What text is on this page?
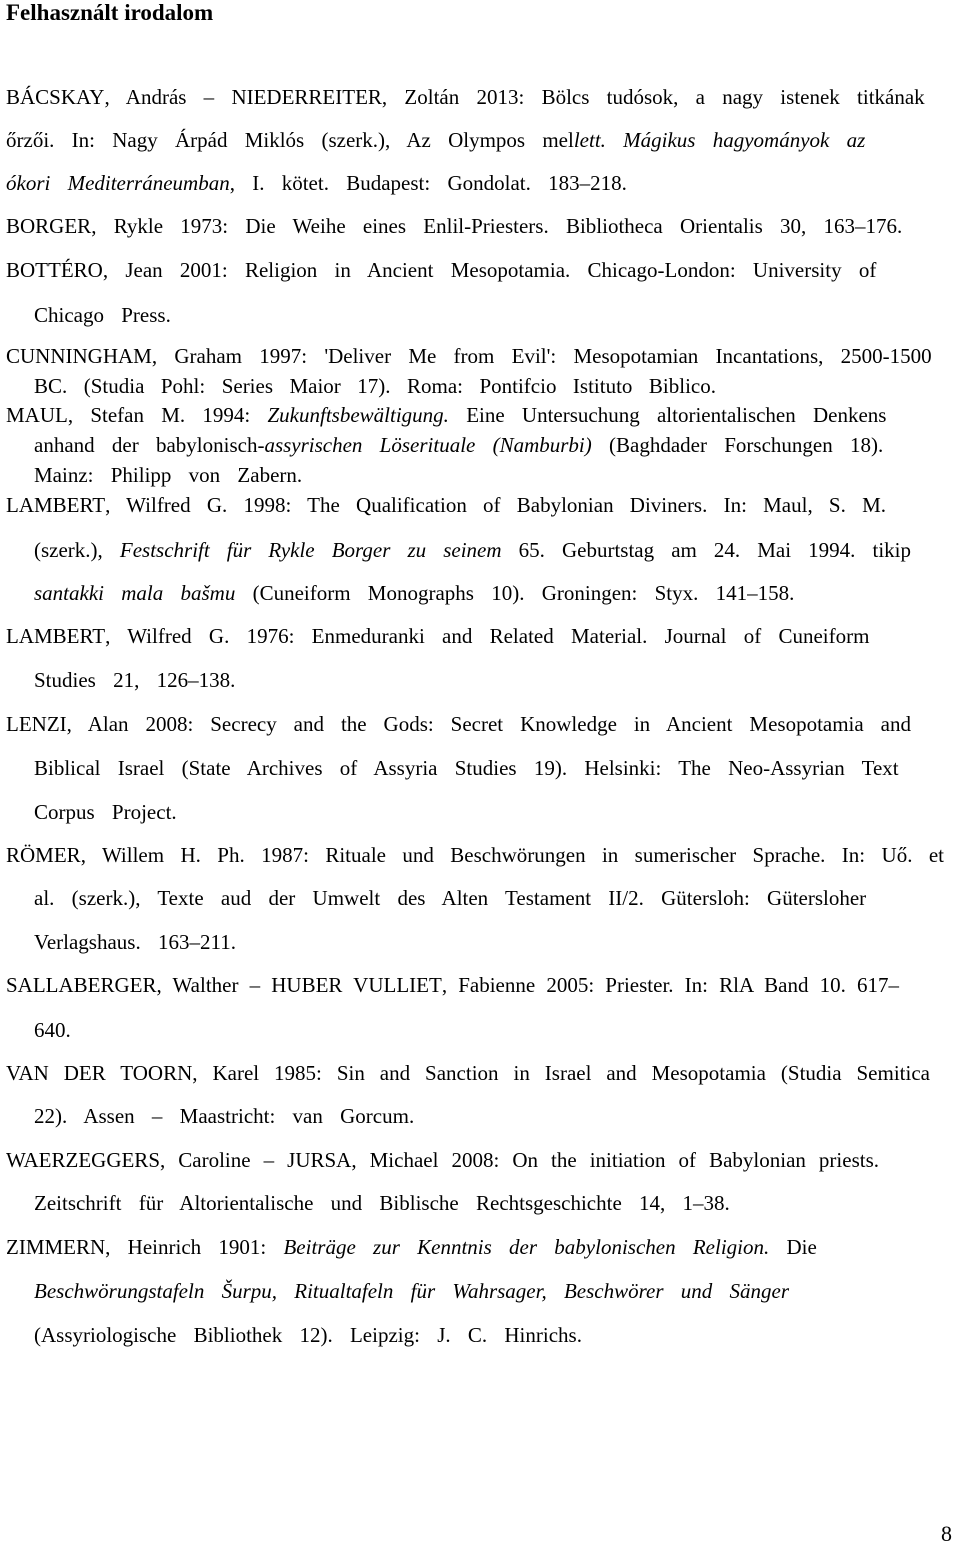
Felhasznált irodalom
BÁCSKAY, András – NIEDERREITER, Zoltán 2013: Bölcs tudósok, a nagy istenek titkának
őrzői. In: Nagy Árpád Miklós (szerk.), Az Olympos mellett. Mágikus hagyományok az
ókori Mediterráneumban, I. kötet. Budapest: Gondolat. 183–218.
BORGER, Rykle 1973: Die Weihe eines Enlil-Priesters. Bibliotheca Orientalis 30, 163–176.
BOTTÉRO, Jean 2001: Religion in Ancient Mesopotamia. Chicago-London: University of
Chicago Press.
CUNNINGHAM, Graham 1997: 'Deliver Me from Evil': Mesopotamian Incantations, 2500-1500
BC. (Studia Pohl: Series Maior 17). Roma: Pontifcio Istituto Biblico.
MAUL, Stefan M. 1994: Zukunftsbewältigung. Eine Untersuchung altorientalischen Denkens
anhand der babylonisch-assyrischen Löserituale (Namburbi) (Baghdader Forschungen 18).
Mainz: Philipp von Zabern.
LAMBERT, Wilfred G. 1998: The Qualification of Babylonian Diviners. In: Maul, S. M.
(szerk.), Festschrift für Rykle Borger zu seinem 65. Geburtstag am 24. Mai 1994. tikip
santakki mala bašmu (Cuneiform Monographs 10). Groningen: Styx. 141–158.
LAMBERT, Wilfred G. 1976: Enmeduranki and Related Material. Journal of Cuneiform
Studies 21, 126–138.
LENZI, Alan 2008: Secrecy and the Gods: Secret Knowledge in Ancient Mesopotamia and
Biblical Israel (State Archives of Assyria Studies 19). Helsinki: The Neo-Assyrian Text
Corpus Project.
RÖMER, Willem H. Ph. 1987: Rituale und Beschwörungen in sumerischer Sprache. In: Uő. et
al. (szerk.), Texte aud der Umwelt des Alten Testament II/2. Gütersloh: Gütersloher
Verlagshaus. 163–211.
SALLABERGER, Walther – HUBER VULLIET, Fabienne 2005: Priester. In: RlA Band 10. 617–
640.
VAN DER TOORN, Karel 1985: Sin and Sanction in Israel and Mesopotamia (Studia Semitica
22). Assen – Maastricht: van Gorcum.
WAERZEGGERS, Caroline – JURSA, Michael 2008: On the initiation of Babylonian priests.
Zeitschrift für Altorientalische und Biblische Rechtsgeschichte 14, 1–38.
ZIMMERN, Heinrich 1901: Beiträge zur Kenntnis der babylonischen Religion. Die
Beschwörungstafeln Šurpu, Ritualtafeln für Wahrsager, Beschwörer und Sänger
(Assyriologische Bibliothek 12). Leipzig: J. C. Hinrichs.
8
